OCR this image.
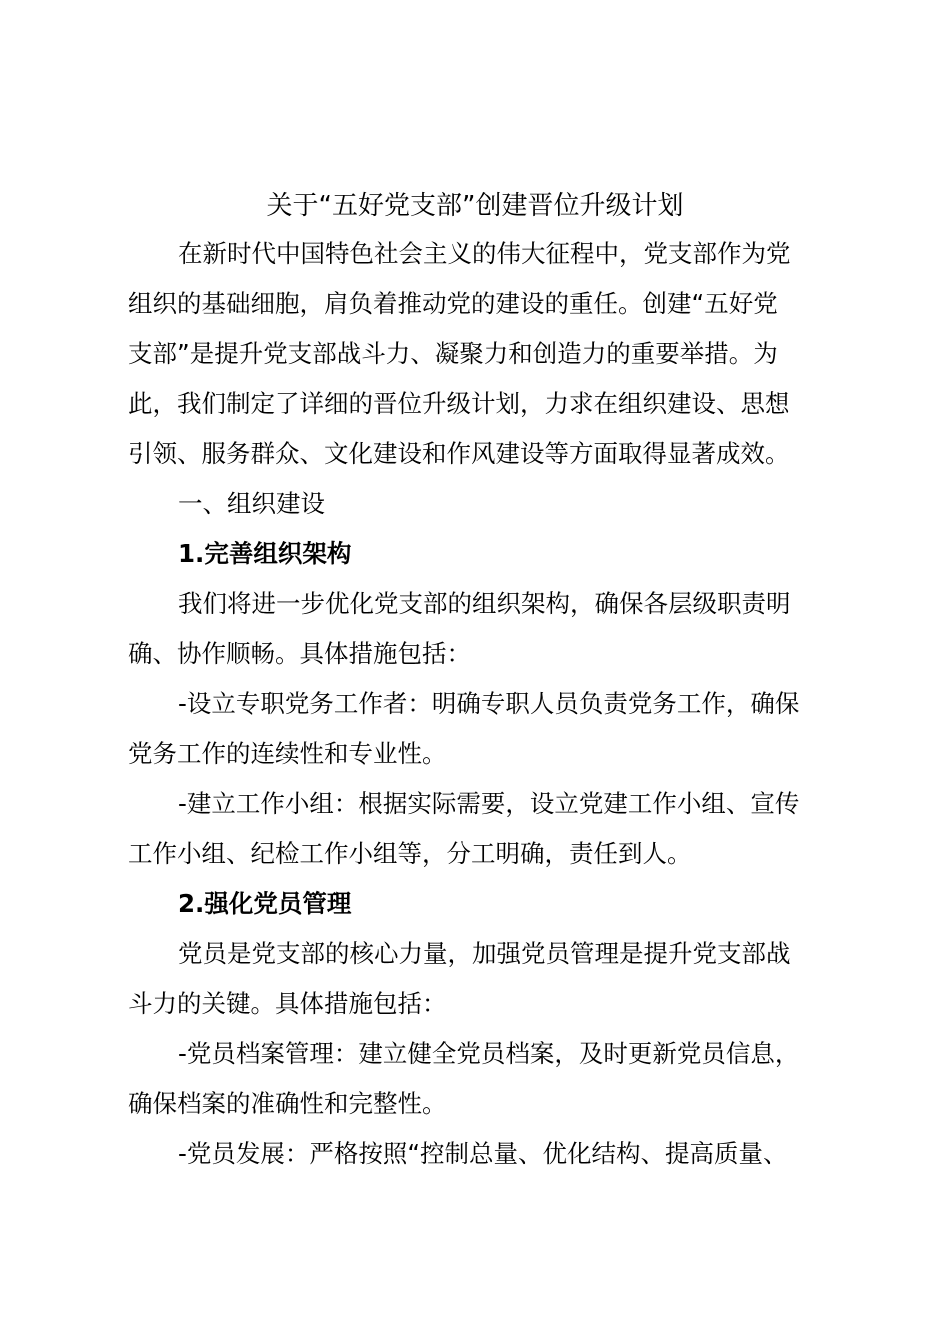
关于“五好党支部”创建晋位升级计划
在新时代中国特色社会主义的伟大征程中，党支部作为党
组织的基础细胞，肩负着推动党的建设的重任。创建“五好党
支部”是提升党支部战斗力、凝聚力和创造力的重要举措。为
此，我们制定了详细的晋位升级计划，力求在组织建设、思想
引领、服务群众、文化建设和作风建设等方面取得显著成效。
一、组织建设
1.完善组织架构
我们将进一步优化党支部的组织架构，确保各层级职责明
确、协作顺畅。具体措施包括：
-设立专职党务工作者：明确专职人员负责党务工作，确保
党务工作的连续性和专业性。
-建立工作小组：根据实际需要，设立党建工作小组、宣传
工作小组、纪检工作小组等，分工明确，责任到人。
2.强化党员管理
党员是党支部的核心力量，加强党员管理是提升党支部战
斗力的关键。具体措施包括：
-党员档案管理：建立健全党员档案，及时更新党员信息，
确保档案的准确性和完整性。
-党员发展：严格按照“控制总量、优化结构、提高质量、
